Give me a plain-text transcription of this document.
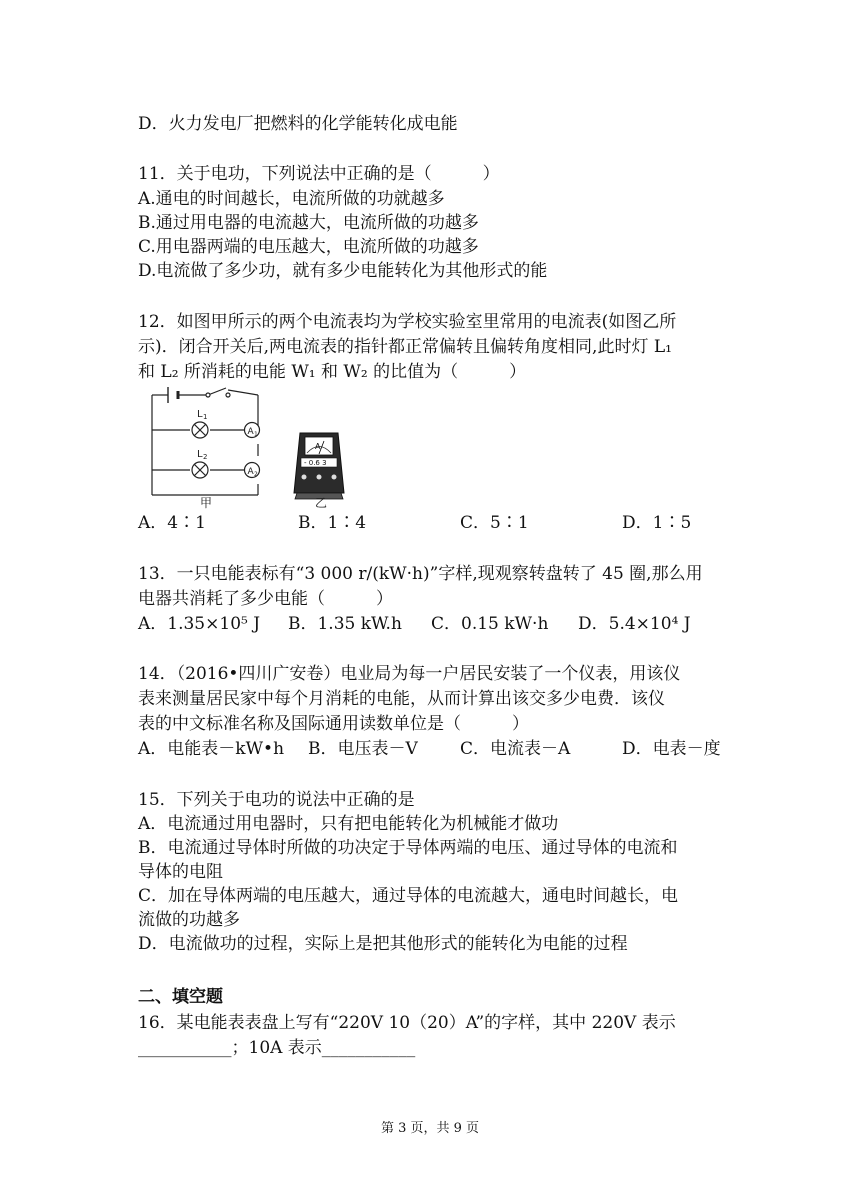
D．火力发电厂把燃料的化学能转化成电能
11．关于电功，下列说法中正确的是（　　　）
A.通电的时间越长，电流所做的功就越多
B.通过用电器的电流越大，电流所做的功越多
C.用电器两端的电压越大，电流所做的功越多
D.电流做了多少功，就有多少电能转化为其他形式的能
12．如图甲所示的两个电流表均为学校实验室里常用的电流表(如图乙所
示)．闭合开关后,两电流表的指针都正常偏转且偏转角度相同,此时灯 L₁
和 L₂ 所消耗的电能 W₁ 和 W₂ 的比值为（　　　）
L 1
L 2
A 1
A 2
A
- 0.6 3
甲	乙
A．4∶1	B．1∶4	C．5∶1	D．1∶5
13．一只电能表标有“3 000 r/(kW·h)”字样,现观察转盘转了 45 圈,那么用
电器共消耗了多少电能（　　　）
A．1.35×10⁵ J B．1.35 kW.h C．0.15 kW·h D．5.4×10⁴ J
14．（2016•四川广安卷）电业局为每一户居民安装了一个仪表，用该仪
表来测量居民家中每个月消耗的电能，从而计算出该交多少电费．该仪
表的中文标准名称及国际通用读数单位是（　　　）
A．电能表－kW•h B．电压表－V C．电流表－A	D．电表－度
15．下列关于电功的说法中正确的是
A．电流通过用电器时，只有把电能转化为机械能才做功
B．电流通过导体时所做的功决定于导体两端的电压、通过导体的电流和
导体的电阻
C．加在导体两端的电压越大，通过导体的电流越大，通电时间越长，电
流做的功越多
D．电流做功的过程，实际上是把其他形式的能转化为电能的过程
二、填空题
16．某电能表表盘上写有“220V 10（20）A”的字样，其中 220V 表示
___________；10A 表示___________
第 3 页，共 9 页
